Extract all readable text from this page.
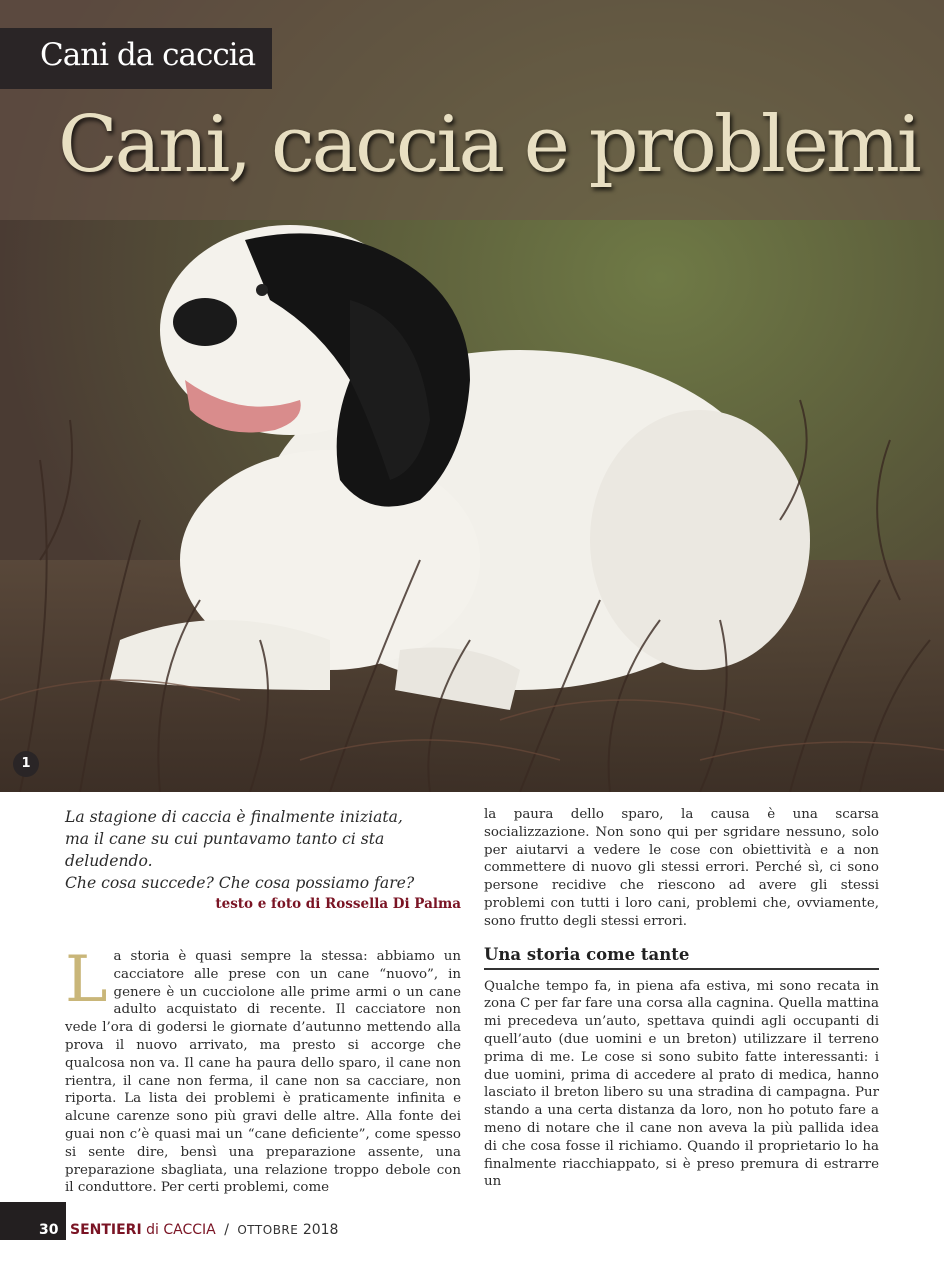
Cani da caccia
Cani, caccia e problemi
1

La stagione di caccia è finalmente iniziata,
ma il cane su cui puntavamo tanto ci sta deludendo.
Che cosa succede? Che cosa possiamo fare?

testo e foto di Rossella Di Palma

La storia è quasi sempre la stessa: abbiamo un cacciatore alle prese con un cane “nuovo”, in genere è un cucciolone alle prime armi o un cane adulto acquistato di recente. Il cacciatore non vede l’ora di godersi le giornate d’autunno mettendo alla prova il nuovo arrivato, ma presto si accorge che qualcosa non va. Il cane ha paura dello sparo, il cane non rientra, il cane non ferma, il cane non sa cacciare, non riporta. La lista dei problemi è praticamente infinita e alcune carenze sono più gravi delle altre. Alla fonte dei guai non c’è quasi mai un “cane deficiente”, come spesso si sente dire, bensì una preparazione assente, una preparazione sbagliata, una relazione troppo debole con il conduttore. Per certi problemi, come

la paura dello sparo, la causa è una scarsa socializzazione. Non sono qui per sgridare nessuno, solo per aiutarvi a vedere le cose con obiettività e a non commettere di nuovo gli stessi errori. Perché sì, ci sono persone recidive che riescono ad avere gli stessi problemi con tutti i loro cani, problemi che, ovviamente, sono frutto degli stessi errori.

Una storia come tante

Qualche tempo fa, in piena afa estiva, mi sono recata in zona C per far fare una corsa alla cagnina. Quella mattina mi precedeva un’auto, spettava quindi agli occupanti di quell’auto (due uomini e un breton) utilizzare il terreno prima di me. Le cose si sono subito fatte interessanti: i due uomini, prima di accedere al prato di medica, hanno lasciato il breton libero su una stradina di campagna. Pur stando a una certa distanza da loro, non ho potuto fare a meno di notare che il cane non aveva la più pallida idea di che cosa fosse il richiamo. Quando il proprietario lo ha finalmente riacchiappato, si è preso premura di estrarre un

30 SENTIERI di CACCIA / OTTOBRE 2018
